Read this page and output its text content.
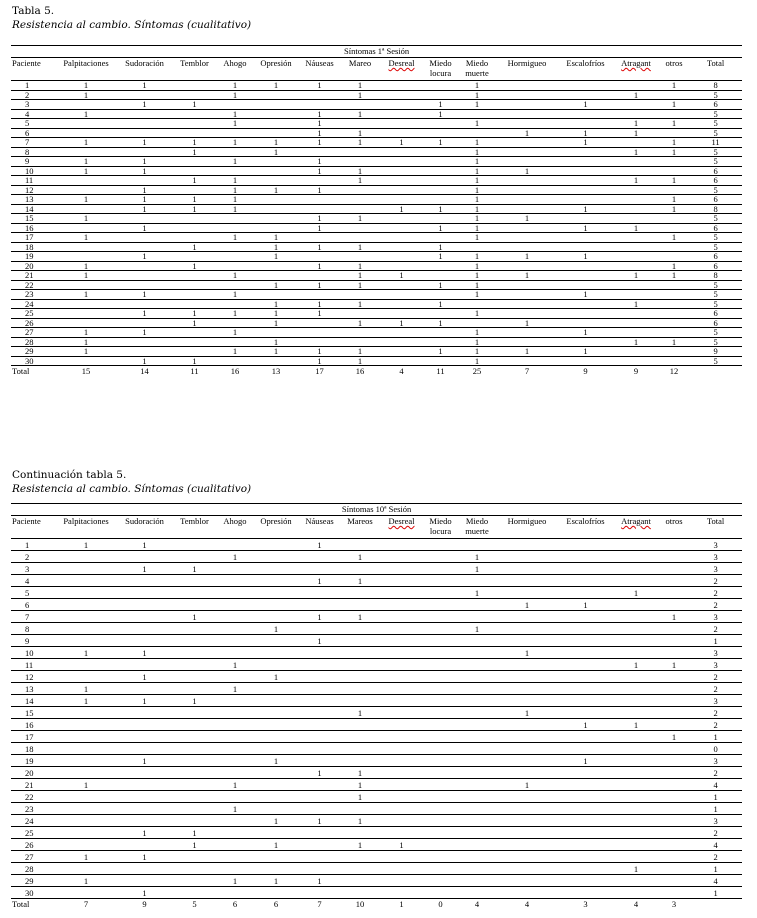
Tabla 5.
Resistencia al cambio. Síntomas (cualitativo)
Síntomas 1ª Sesión															
Paciente	Palpitaciones	Sudoración	Temblor	Ahogo	Opresión	Náuseas	Mareo	Desreal	Miedo locura	Miedo muerte	Hormigueo	Escalofríos	Atragant	otros	Total
1	1	1		1	1	1	1			1				1	8
2	1			1			1			1			1		5
3		1	1						1	1		1		1	6
4	1			1		1	1		1						5
5				1		1				1			1	1	5
6						1	1				1	1	1		5
7	1	1	1	1	1	1	1	1	1	1		1		1	11
8			1		1					1			1	1	5
9	1	1		1		1				1					5
10	1	1				1	1			1	1				6
11			1	1			1			1			1	1	6
12		1		1	1	1				1					5
13	1	1	1	1						1				1	6
14		1	1	1				1	1	1		1		1	8
15	1					1	1			1	1				5
16		1				1			1	1		1	1		6
17	1			1	1					1				1	5
18			1		1	1	1		1						5
19		1			1				1	1	1	1			6
20	1		1			1	1			1				1	6
21	1			1			1	1		1	1		1	1	8
22					1	1	1		1	1					5
23	1	1		1						1		1			5
24					1	1	1		1				1		5
25		1	1	1	1	1				1					6
26			1		1		1	1	1		1				6
27	1	1		1						1		1			5
28	1				1					1			1	1	5
29	1			1	1	1	1		1	1	1	1			9
30		1	1			1	1			1					5
Total	15	14	11	16	13	17	16	4	11	25	7	9	9	12	
Continuación tabla 5.
Resistencia al cambio. Síntomas (cualitativo)
Síntomas 10ª Sesión															
Paciente	Palpitaciones	Sudoración	Temblor	Ahogo	Opresión	Náuseas	Mareos	Desreal	Miedo locura	Miedo muerte	Hormigueo	Escalofríos	Atragant	otros	Total
1	1	1				1									3
2				1			1			1					3
3		1	1							1					3
4						1	1								2
5										1			1		2
6											1	1			2
7			1			1	1							1	3
8					1					1					2
9						1									1
10	1	1									1				3
11				1									1	1	3
12		1			1										2
13	1			1											2
14	1	1	1												3
15							1				1				2
16												1	1		2
17														1	1
18															0
19		1			1							1			3
20						1	1								2
21	1			1			1				1				4
22							1								1
23				1											1
24					1	1	1								3
25		1	1												2
26			1		1		1	1							4
27	1	1													2
28													1		1
29	1			1	1	1									4
30		1													1
Total	7	9	5	6	6	7	10	1	0	4	4	3	4	3	
